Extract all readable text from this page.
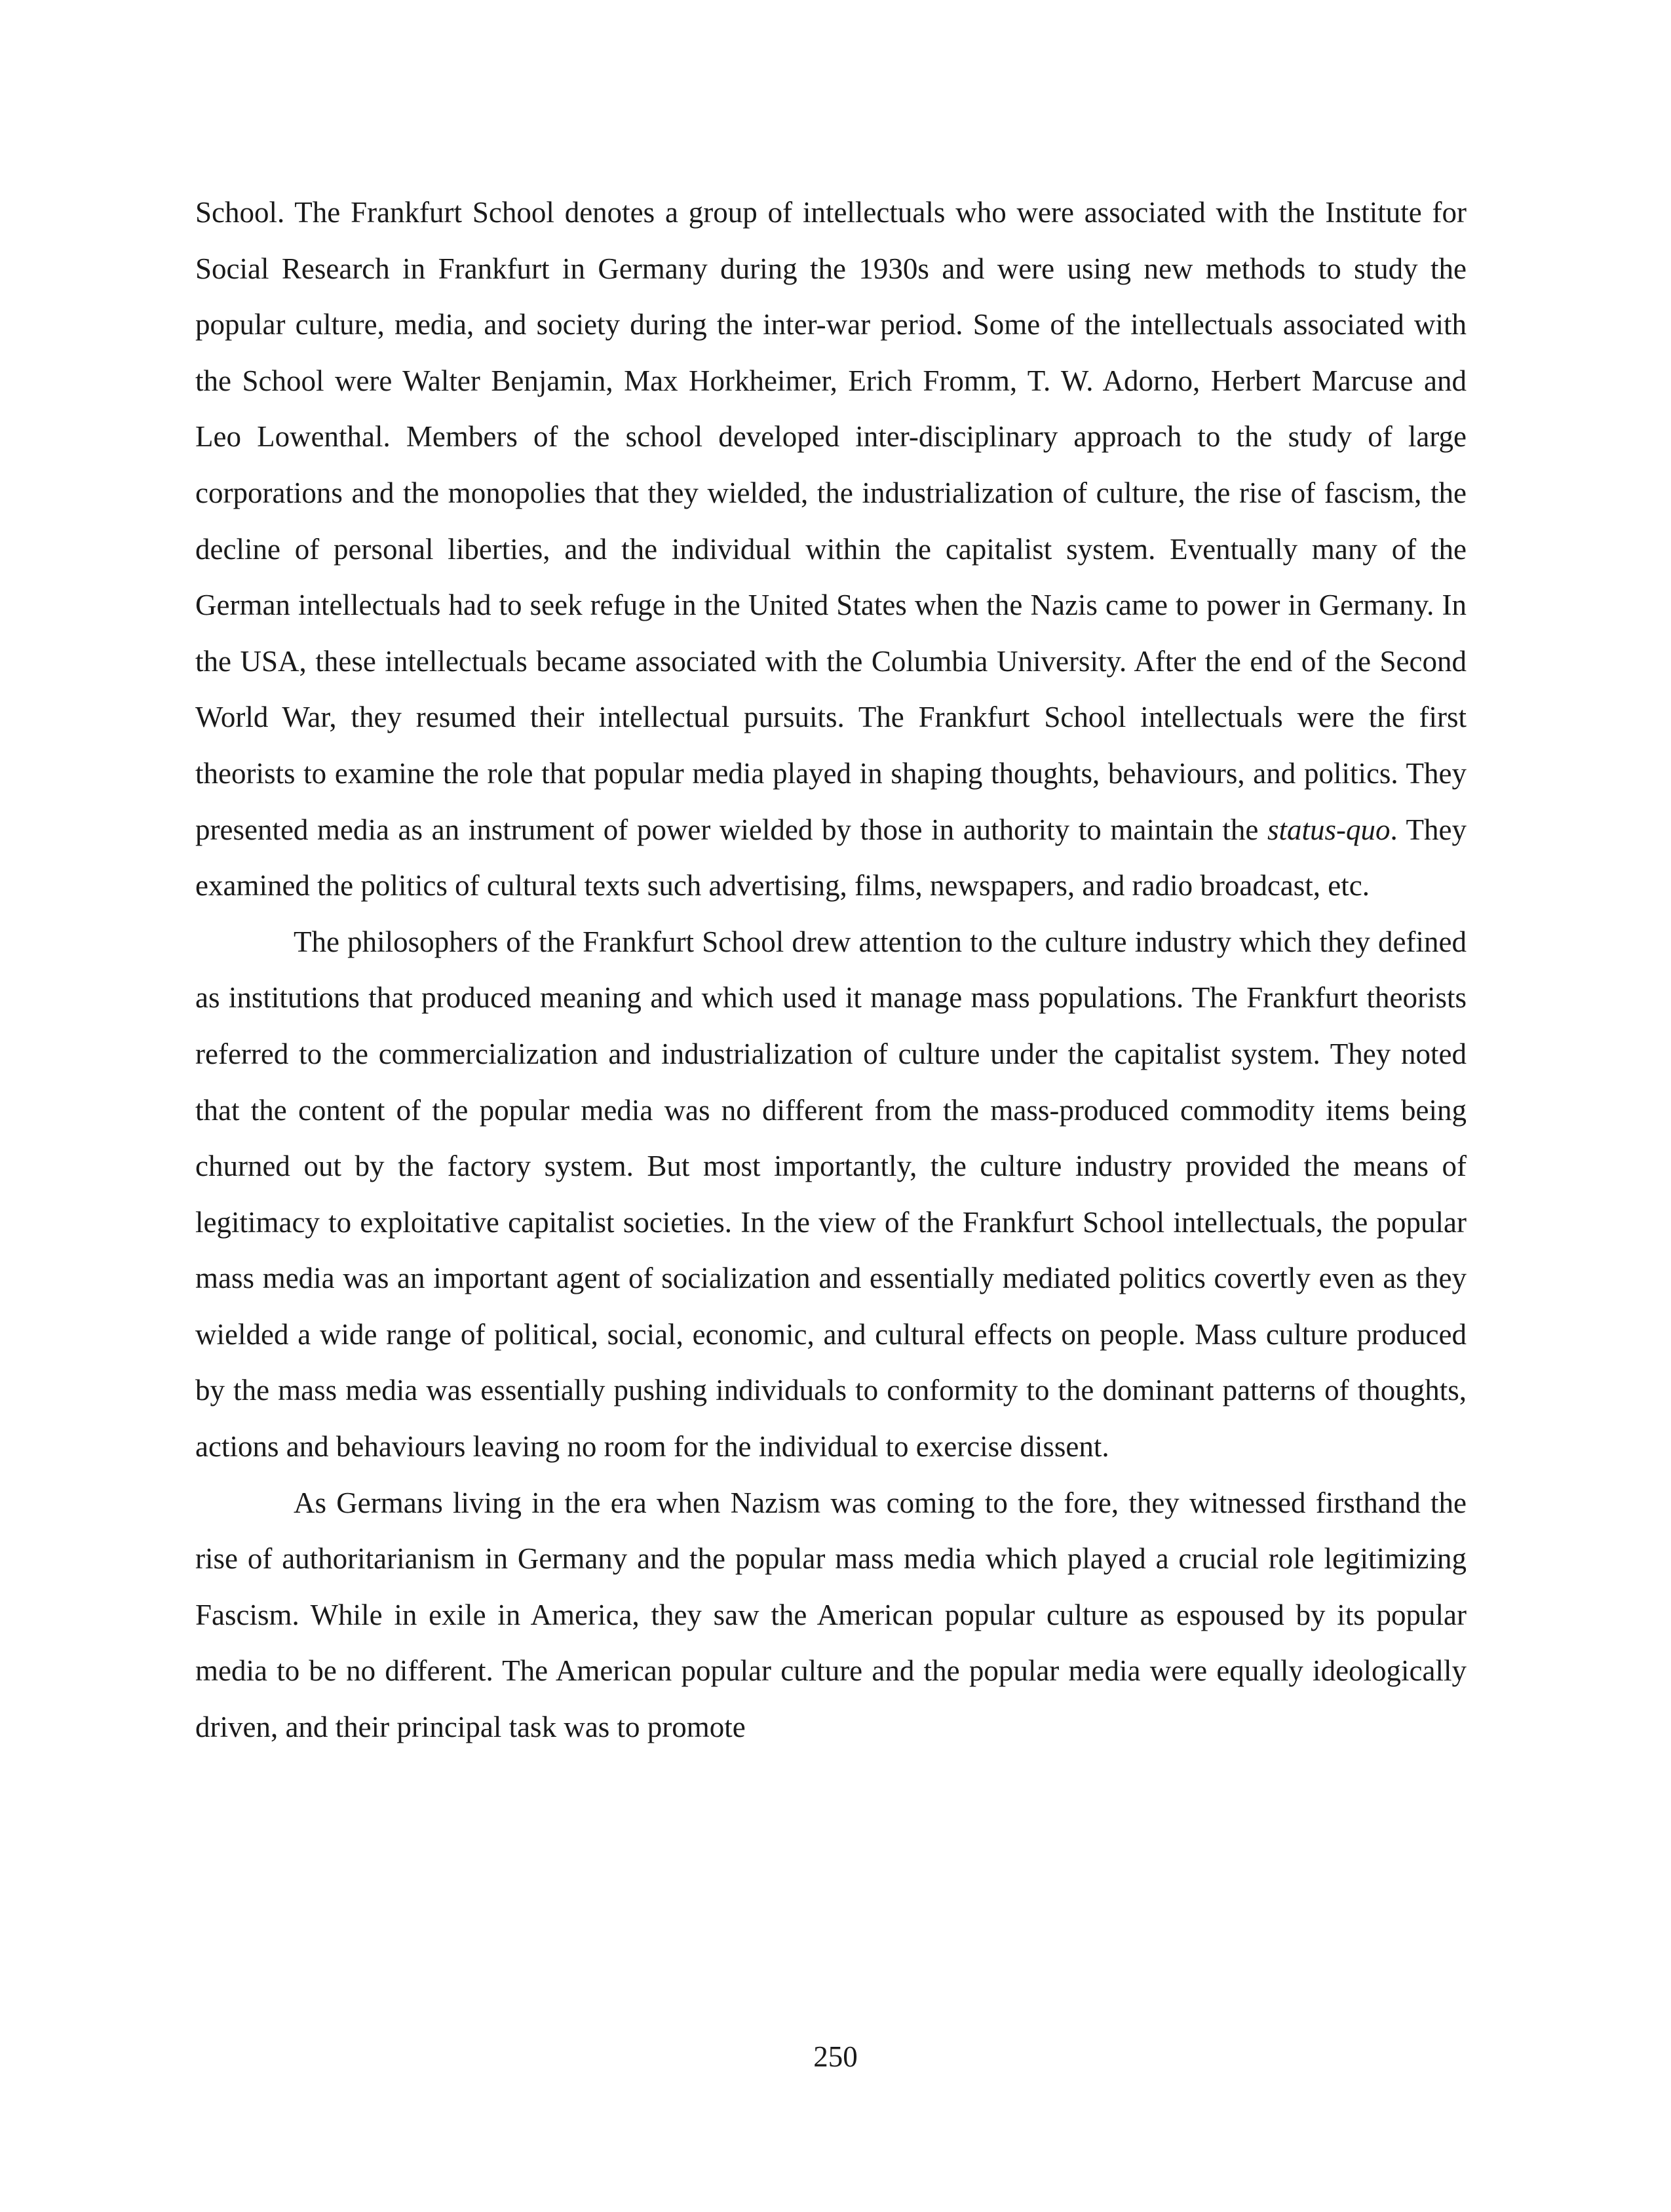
School. The Frankfurt School denotes a group of intellectuals who were associated with the Institute for Social Research in Frankfurt in Germany during the 1930s and were using new methods to study the popular culture, media, and society during the inter-war period. Some of the intellectuals associated with the School were Walter Benjamin, Max Horkheimer, Erich Fromm, T. W. Adorno, Herbert Marcuse and Leo Lowenthal. Members of the school developed inter-disciplinary approach to the study of large corporations and the monopolies that they wielded, the industrialization of culture, the rise of fascism, the decline of personal liberties, and the individual within the capitalist system. Eventually many of the German intellectuals had to seek refuge in the United States when the Nazis came to power in Germany. In the USA, these intellectuals became associated with the Columbia University. After the end of the Second World War, they resumed their intellectual pursuits. The Frankfurt School intellectuals were the first theorists to examine the role that popular media played in shaping thoughts, behaviours, and politics. They presented media as an instrument of power wielded by those in authority to maintain the status-quo. They examined the politics of cultural texts such advertising, films, newspapers, and radio broadcast, etc.

The philosophers of the Frankfurt School drew attention to the culture industry which they defined as institutions that produced meaning and which used it manage mass populations. The Frankfurt theorists referred to the commercialization and industrialization of culture under the capitalist system. They noted that the content of the popular media was no different from the mass-produced commodity items being churned out by the factory system. But most importantly, the culture industry provided the means of legitimacy to exploitative capitalist societies. In the view of the Frankfurt School intellectuals, the popular mass media was an important agent of socialization and essentially mediated politics covertly even as they wielded a wide range of political, social, economic, and cultural effects on people. Mass culture produced by the mass media was essentially pushing individuals to conformity to the dominant patterns of thoughts, actions and behaviours leaving no room for the individual to exercise dissent.

As Germans living in the era when Nazism was coming to the fore, they witnessed firsthand the rise of authoritarianism in Germany and the popular mass media which played a crucial role legitimizing Fascism. While in exile in America, they saw the American popular culture as espoused by its popular media to be no different. The American popular culture and the popular media were equally ideologically driven, and their principal task was to promote

250
